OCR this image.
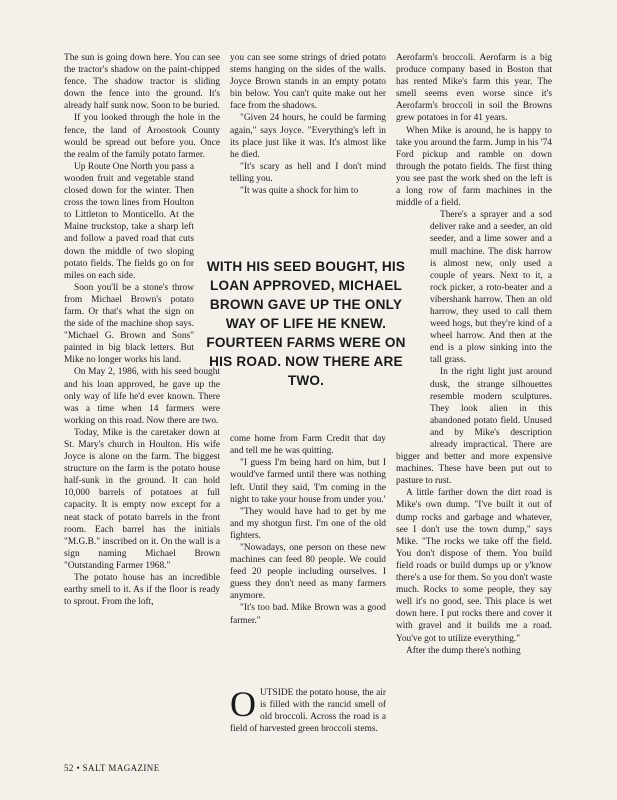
The sun is going down here. You can see the tractor's shadow on the paint-chipped fence. The shadow tractor is sliding down the fence into the ground. It's already half sunk now. Soon to be buried.

If you looked through the hole in the fence, the land of Aroostook County would be spread out before you. Once the realm of the family potato farmer.

Up Route One North you pass a wooden fruit and vegetable stand closed down for the winter. Then cross the town lines from Houlton to Littleton to Monticello. At the Maine truckstop, take a sharp left and follow a paved road that cuts down the middle of two sloping potato fields. The fields go on for miles on each side.

Soon you'll be a stone's throw from Michael Brown's potato farm. Or that's what the sign on the side of the machine shop says. "Michael G. Brown and Sons" painted in big black letters. But Mike no longer works his land.

On May 2, 1986, with his seed bought and his loan approved, he gave up the only way of life he'd ever known. There was a time when 14 farmers were working on this road. Now there are two.

Today, Mike is the caretaker down at St. Mary's church in Houlton. His wife Joyce is alone on the farm. The biggest structure on the farm is the potato house half-sunk in the ground. It can hold 10,000 barrels of potatoes at full capacity. It is empty now except for a neat stack of potato barrels in the front room. Each barrel has the initials "M.G.B." inscribed on it. On the wall is a sign naming Michael Brown "Outstanding Farmer 1968."

The potato house has an incredible earthy smell to it. As if the floor is ready to sprout. From the loft,

you can see some strings of dried potato stems hanging on the sides of the walls. Joyce Brown stands in an empty potato bin below. You can't quite make out her face from the shadows.

"Given 24 hours, he could be farming again," says Joyce. "Everything's left in its place just like it was. It's almost like he died.

"It's scary as hell and I don't mind telling you.

"It was quite a shock for him to

come home from Farm Credit that day and tell me he was quitting.

"I guess I'm being hard on him, but I would've farmed until there was nothing left. Until they said, 'I'm coming in the night to take your house from under you.'

"They would have had to get by me and my shotgun first. I'm one of the old fighters.

"Nowadays, one person on these new machines can feed 80 people. We could feed 20 people including ourselves. I guess they don't need as many farmers anymore.

"It's too bad. Mike Brown was a good farmer."

OUTSIDE the potato house, the air is filled with the rancid smell of old broccoli. Across the road is a field of harvested green broccoli stems.

Aerofarm's broccoli. Aerofarm is a big produce company based in Boston that has rented Mike's farm this year. The smell seems even worse since it's Aerofarm's broccoli in soil the Browns grew potatoes in for 41 years.

When Mike is around, he is happy to take you around the farm. Jump in his '74 Ford pickup and ramble on down through the potato fields. The first thing you see past the work shed on the left is a long row of farm machines in the middle of a field.

There's a sprayer and a sod deliver rake and a seeder, an old seeder, and a lime sower and a mull machine. The disk harrow is almost new, only used a couple of years. Next to it, a rock picker, a roto-beater and a vibershank harrow. Then an old harrow, they used to call them weed hogs, but they're kind of a wheel harrow. And then at the end is a plow sinking into the tall grass.

In the right light just around dusk, the strange silhouettes resemble modern sculptures. They look alien in this abandoned potato field. Unused and by Mike's description already impractical. There are bigger and better and more expensive machines. These have been put out to pasture to rust.

A little farther down the dirt road is Mike's own dump. "I've built it out of dump rocks and garbage and whatever, see I don't use the town dump," says Mike. "The rocks we take off the field. You don't dispose of them. You build field roads or build dumps up or y'know there's a use for them. So you don't waste much. Rocks to some people, they say well it's no good, see. This place is wet down here. I put rocks there and cover it with gravel and it builds me a road. You've got to utilize everything."

After the dump there's nothing

WITH HIS SEED BOUGHT, HIS LOAN APPROVED, MICHAEL BROWN GAVE UP THE ONLY WAY OF LIFE HE KNEW. FOURTEEN FARMS WERE ON HIS ROAD. NOW THERE ARE TWO.
52 • SALT MAGAZINE
